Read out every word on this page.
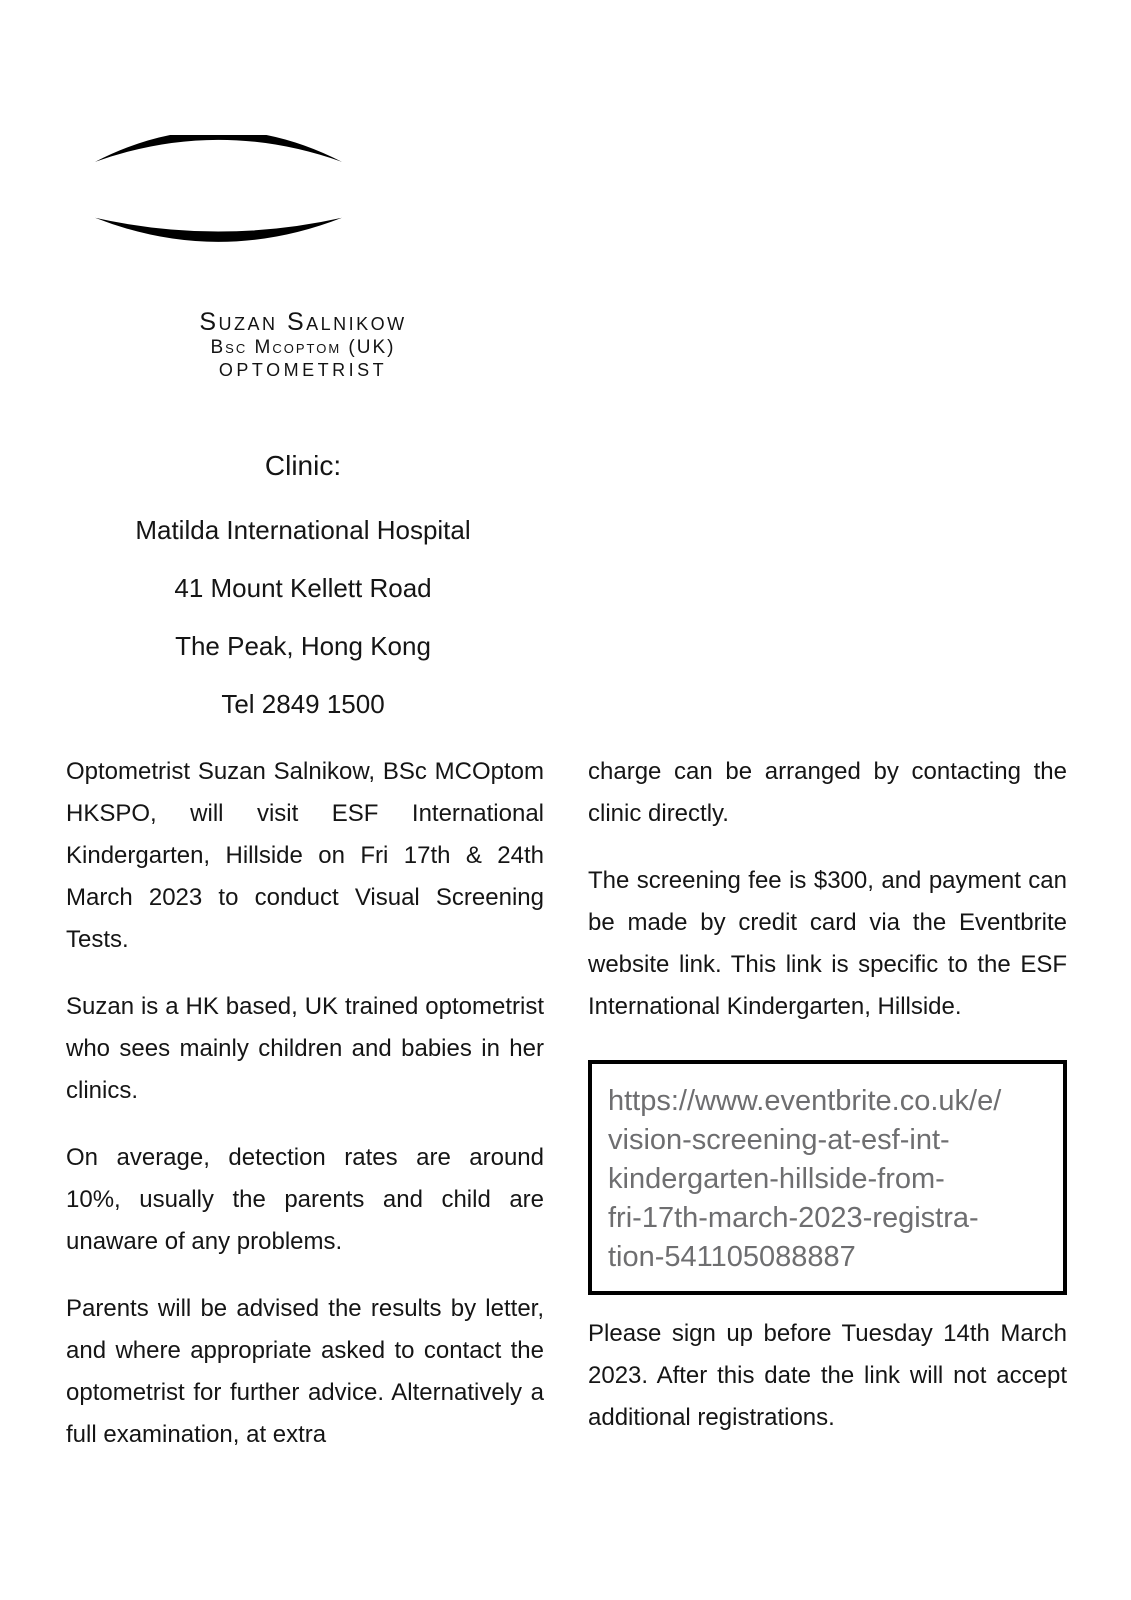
Suzan Salnikow
Bsc Mcoptom (UK)
OPTOMETRIST
Clinic:
Matilda International Hospital
41 Mount Kellett Road
The Peak, Hong Kong
Tel 2849 1500

Optometrist Suzan Salnikow, BSc MCOptom HKSPO, will visit ESF International Kindergarten, Hillside on Fri 17th & 24th March 2023 to conduct Visual Screening Tests.

Suzan is a HK based, UK trained optometrist who sees mainly children and babies in her clinics.

On average, detection rates are around 10%, usually the parents and child are unaware of any problems.

Parents will be advised the results by letter, and where appropriate asked to contact the optometrist for further advice. Alternatively a full examination, at extra

charge can be arranged by contacting the clinic directly.

The screening fee is $300, and payment can be made by credit card via the Eventbrite website link. This link is specific to the ESF International Kindergarten, Hillside.

https://www.eventbrite.co.uk/e/
vision-screening-at-esf-int-
kindergarten-hillside-from-
fri-17th-march-2023-registra-
tion-541105088887

Please sign up before Tuesday 14th March 2023. After this date the link will not accept additional registrations.
